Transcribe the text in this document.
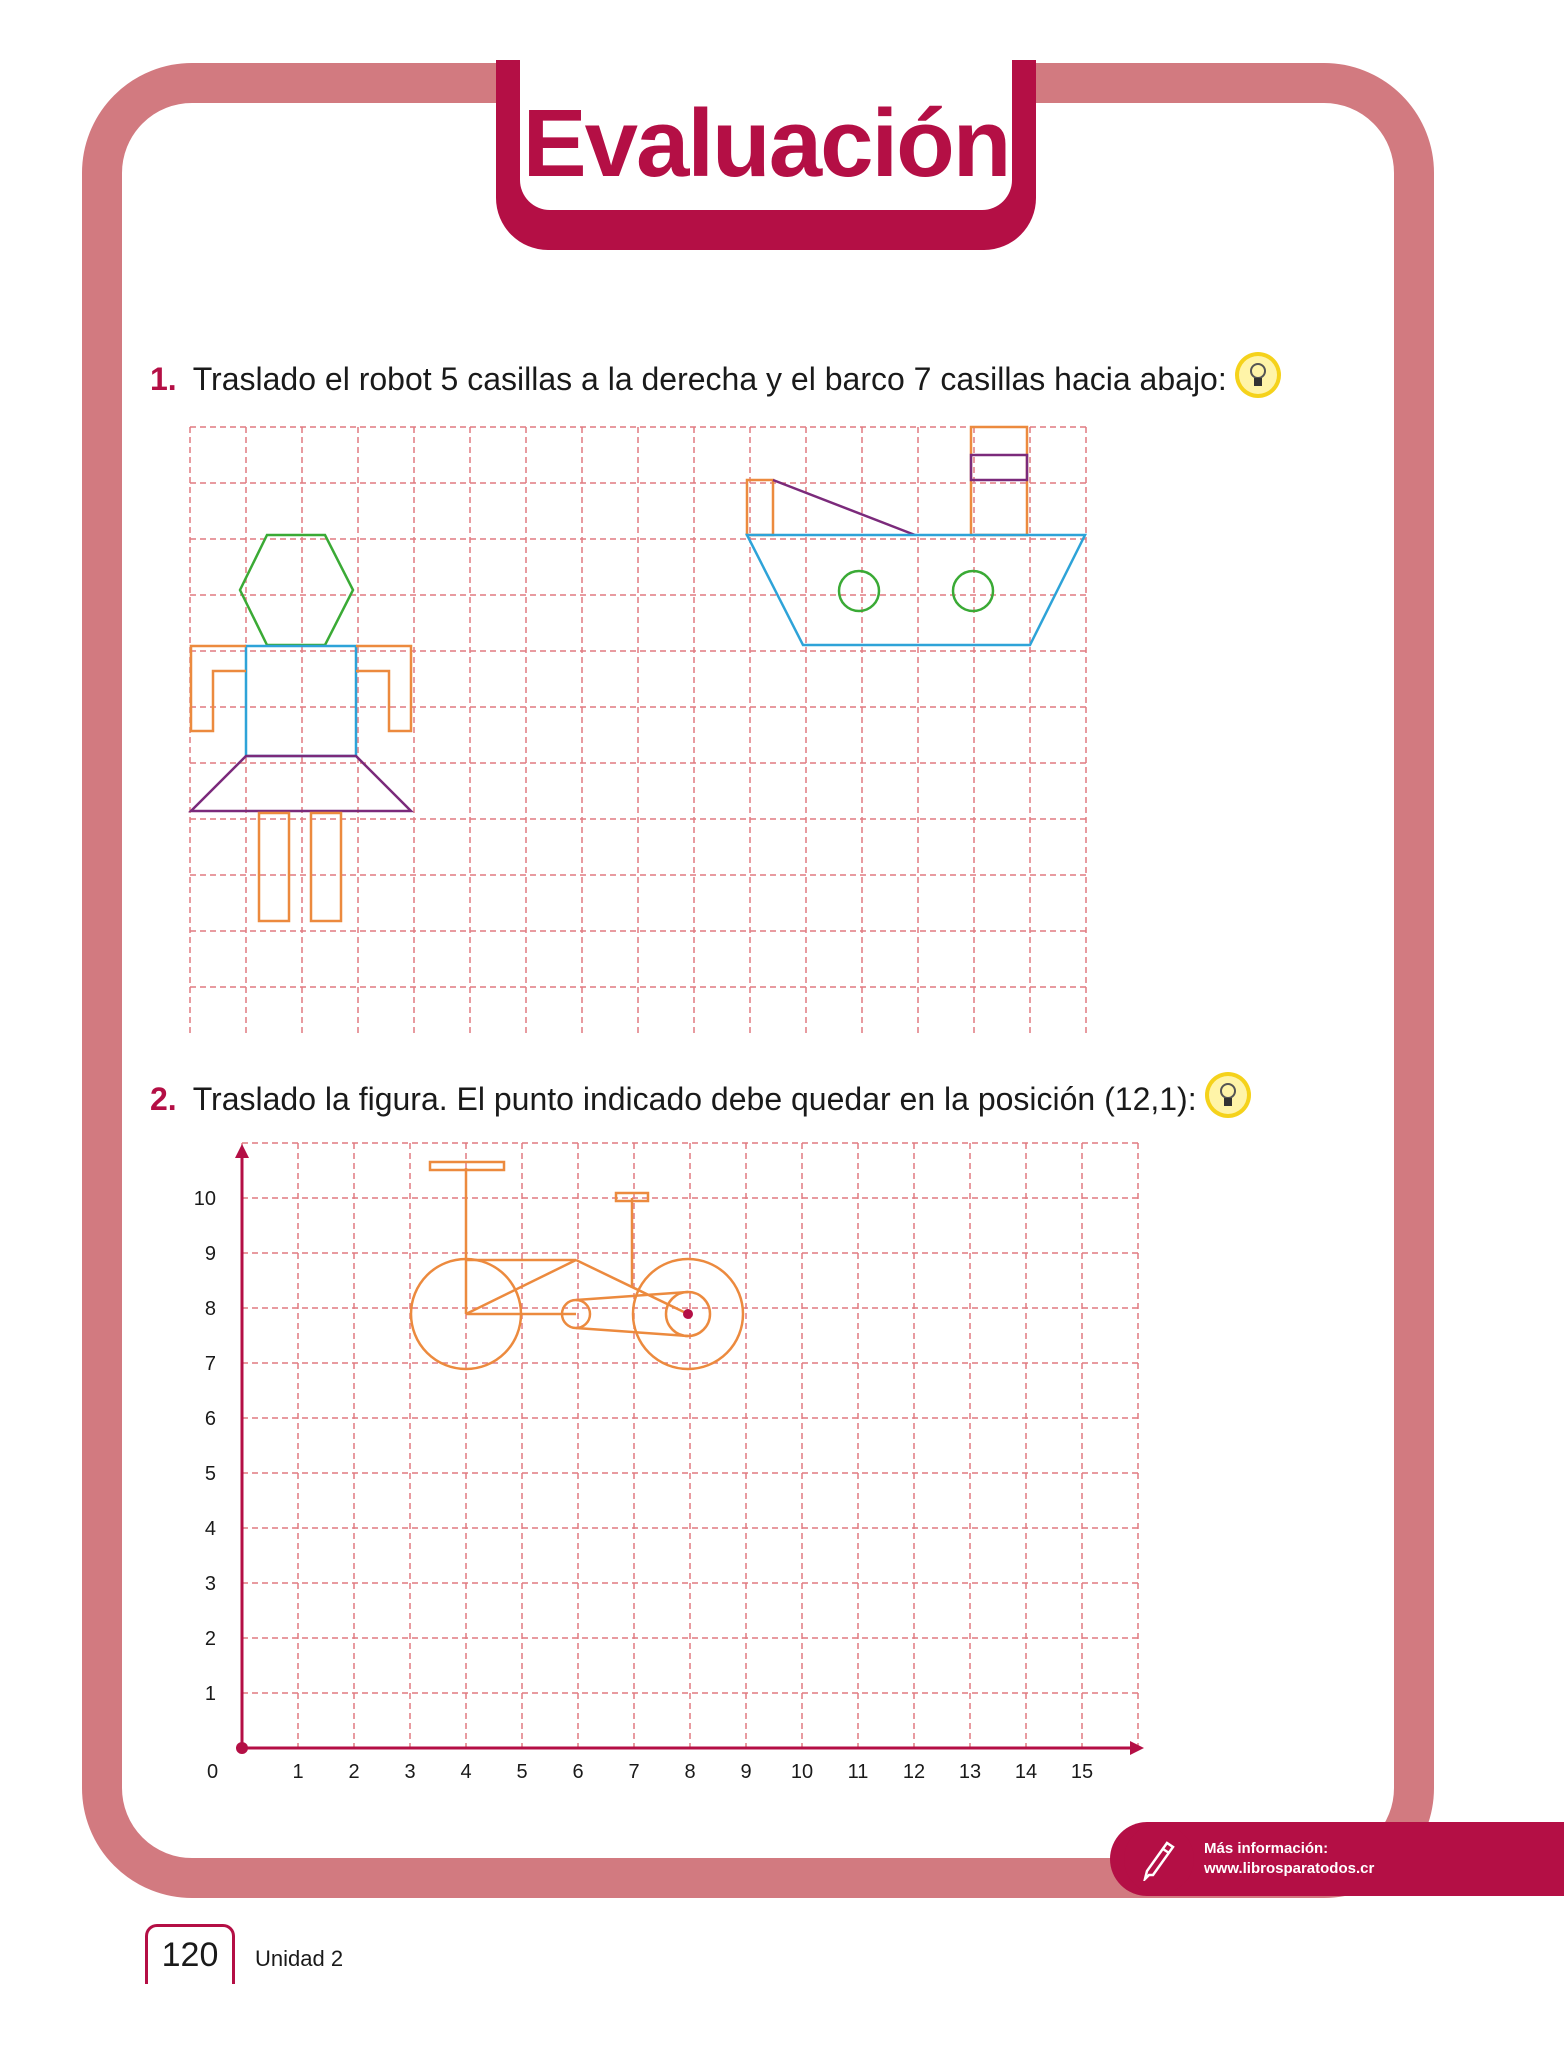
Evaluación
1. Traslado el robot 5 casillas a la derecha y el barco 7 casillas hacia abajo:
2. Traslado la figura. El punto indicado debe quedar en la posición (12,1):
1 2 3 4 5 6 7 8 9 10 11 12 13 14 15
1
2
3
4
5
6
7
8
9
10
0
Más información:
www.librosparatodos.cr
120	Unidad 2
